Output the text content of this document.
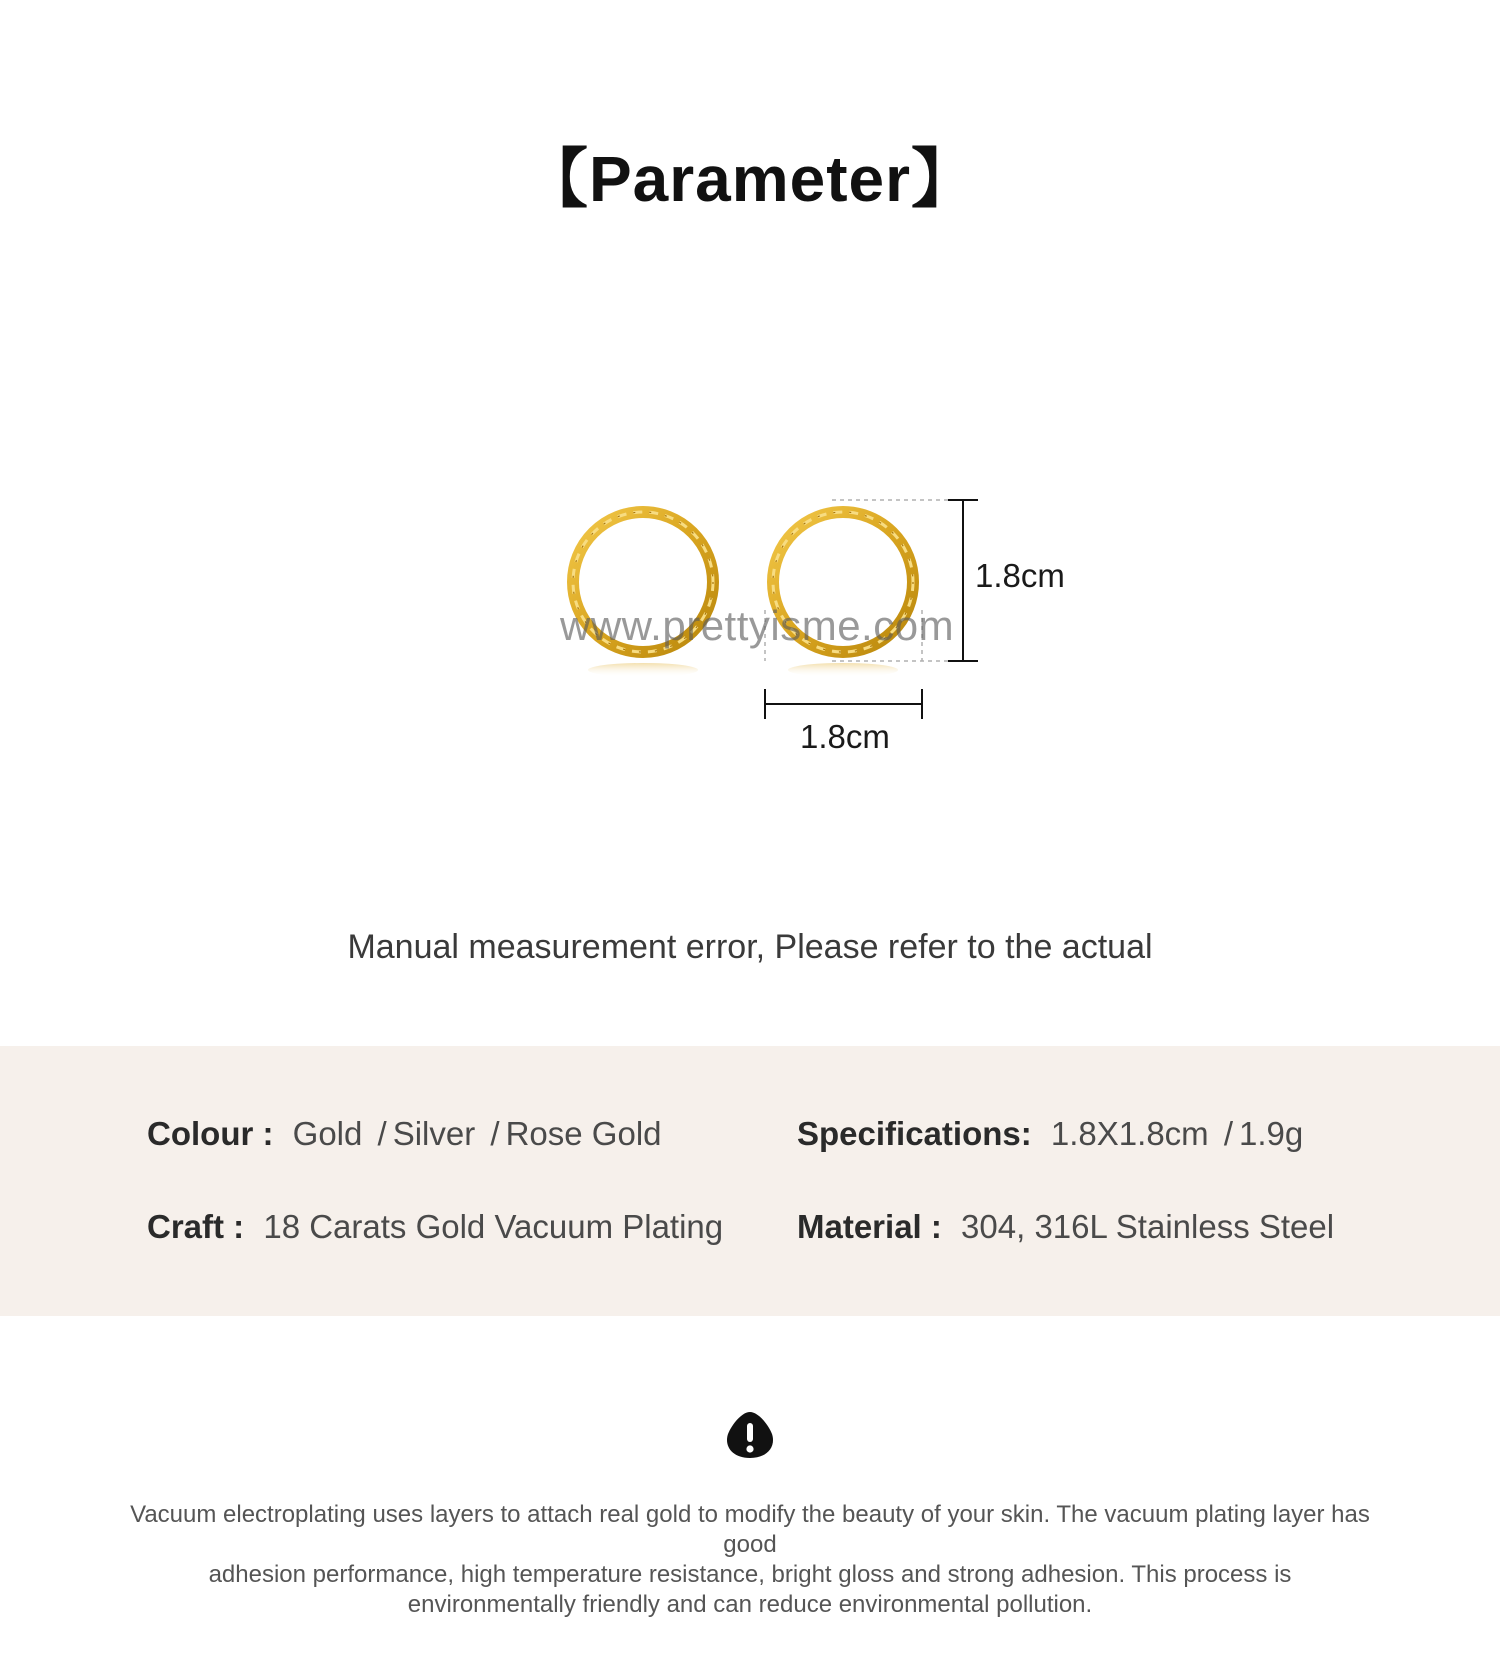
【Parameter】
www.prettyisme.com
1.8cm
1.8cm

Manual measurement error, Please refer to the actual

Colour : Gold / Silver / Rose Gold	Specifications: 1.8X1.8cm / 1.9g
Craft : 18 Carats Gold Vacuum Plating Material : 304, 316L Stainless Steel

Vacuum electroplating uses layers to attach real gold to modify the beauty of your skin. The vacuum plating layer has good
adhesion performance, high temperature resistance, bright gloss and strong adhesion. This process is
environmentally friendly and can reduce environmental pollution.
